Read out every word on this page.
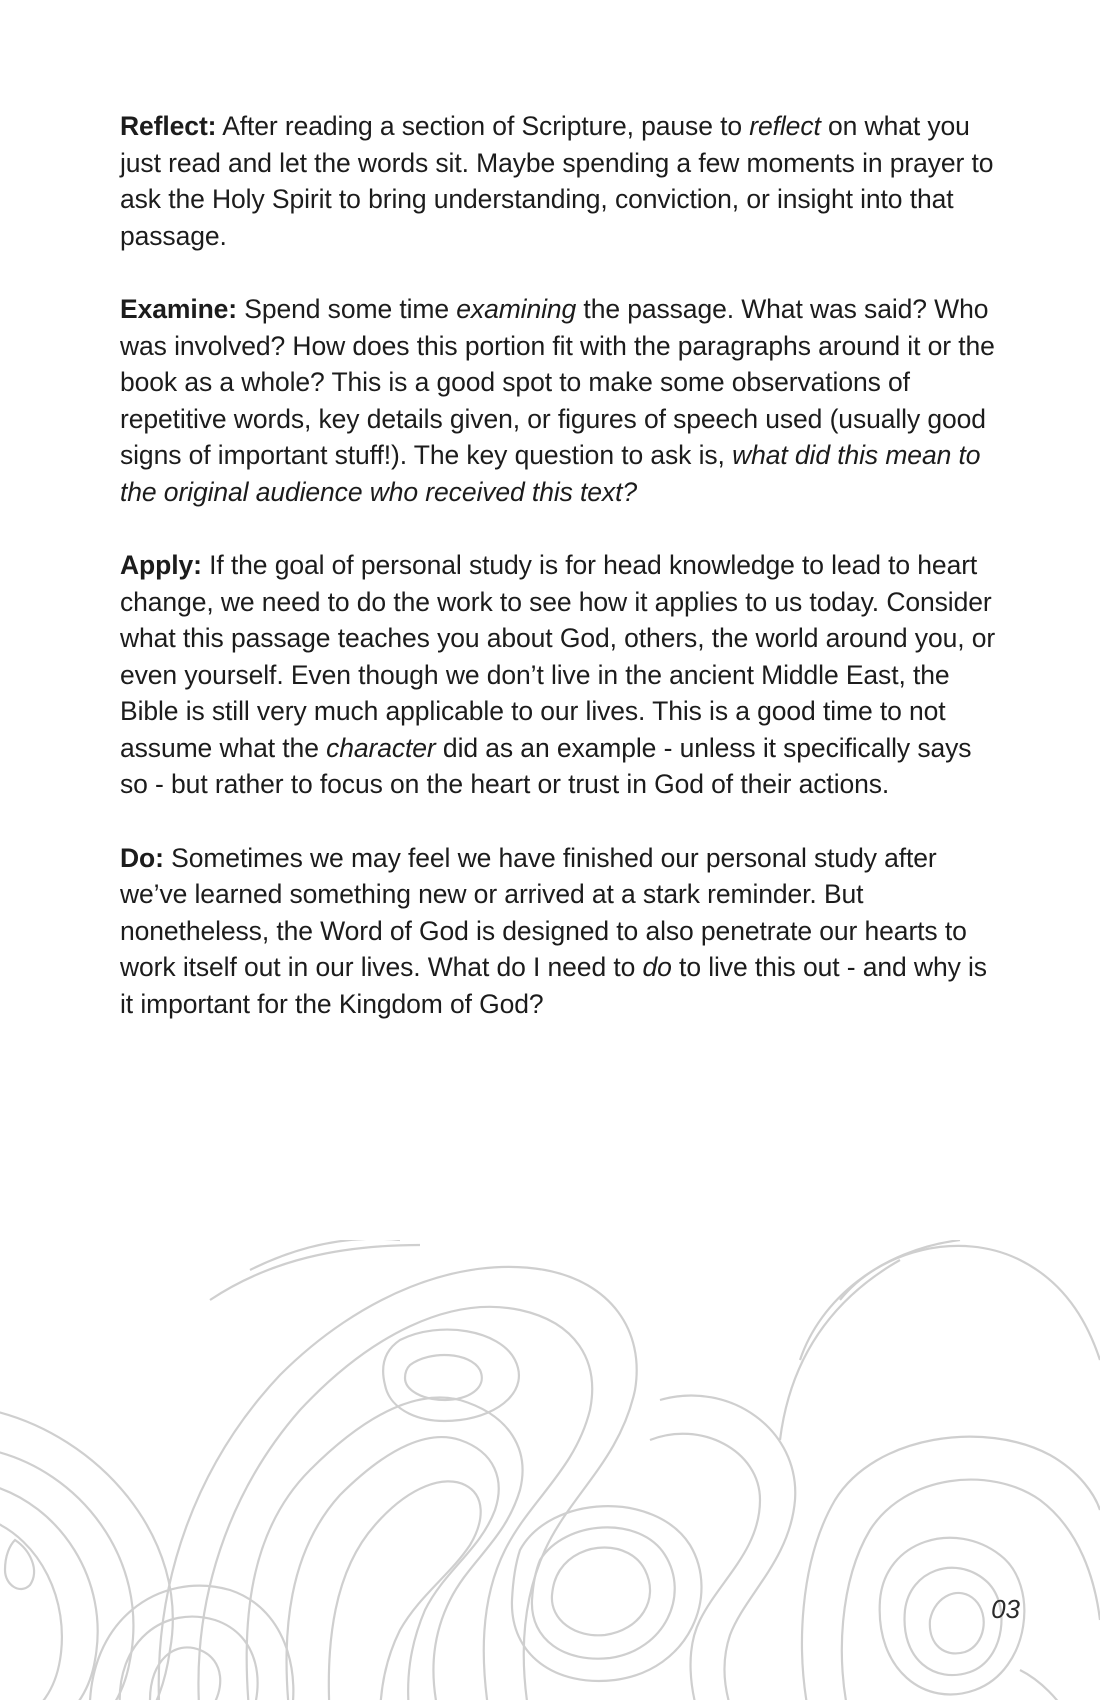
Reflect: After reading a section of Scripture, pause to reflect on what you just read and let the words sit. Maybe spending a few moments in prayer to ask the Holy Spirit to bring understanding, conviction, or insight into that passage.

Examine: Spend some time examining the passage. What was said? Who was involved? How does this portion fit with the paragraphs around it or the book as a whole? This is a good spot to make some observations of repetitive words, key details given, or figures of speech used (usually good signs of important stuff!). The key question to ask is, what did this mean to the original audience who received this text?

Apply: If the goal of personal study is for head knowledge to lead to heart change, we need to do the work to see how it applies to us today. Consider what this passage teaches you about God, others, the world around you, or even yourself. Even though we don’t live in the ancient Middle East, the Bible is still very much applicable to our lives. This is a good time to not assume what the character did as an example - unless it specifically says so - but rather to focus on the heart or trust in God of their actions.

Do: Sometimes we may feel we have finished our personal study after we’ve learned something new or arrived at a stark reminder. But nonetheless, the Word of God is designed to also penetrate our hearts to work itself out in our lives. What do I need to do to live this out - and why is it important for the Kingdom of God?

03
